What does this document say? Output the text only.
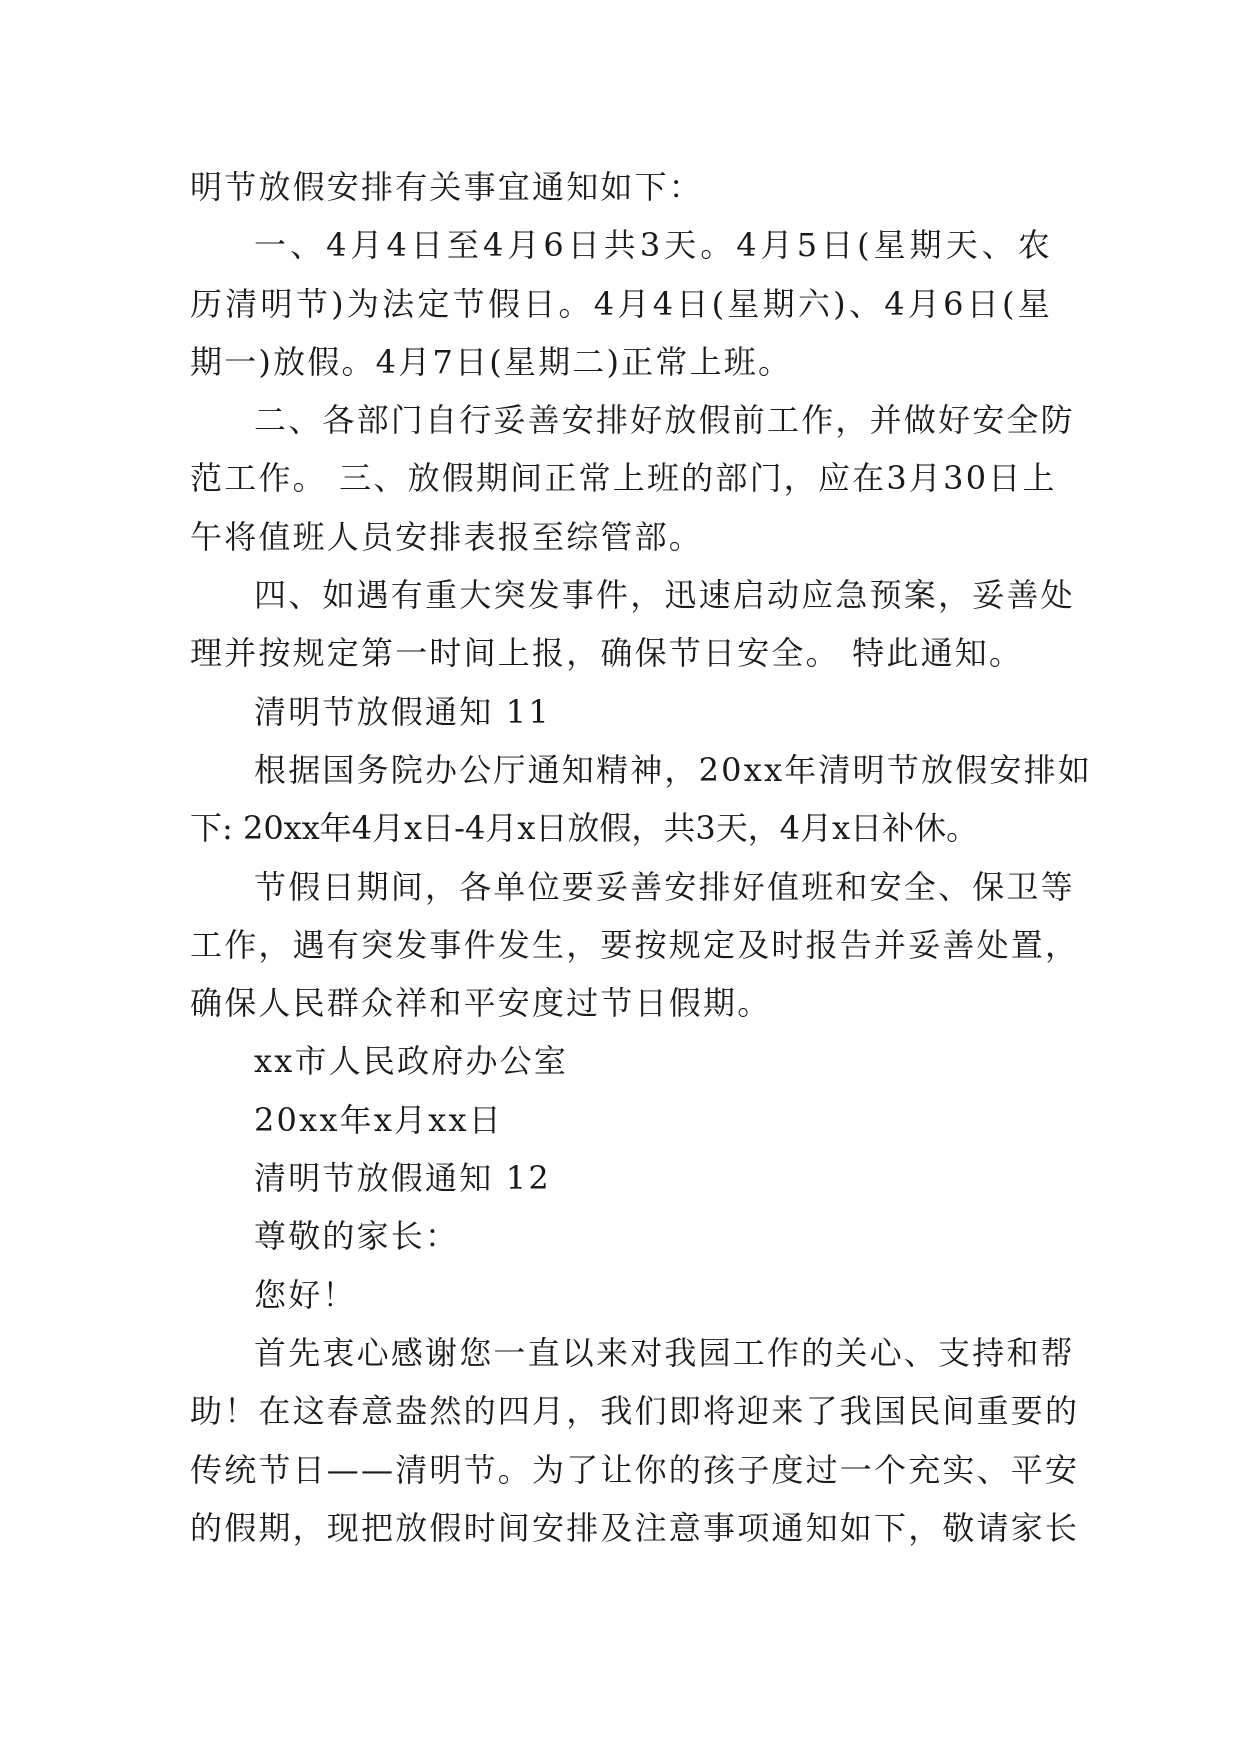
明节放假安排有关事宜通知如下：
一、4月4日至4月6日共3天。4月5日(星期天、农
历清明节)为法定节假日。4月4日(星期六)、4月6日(星
期一)放假。4月7日(星期二)正常上班。
二、各部门自行妥善安排好放假前工作，并做好安全防
范工作。 三、放假期间正常上班的部门，应在3月30日上
午将值班人员安排表报至综管部。
四、如遇有重大突发事件，迅速启动应急预案，妥善处
理并按规定第一时间上报，确保节日安全。 特此通知。
清明节放假通知 11
根据国务院办公厅通知精神，20xx年清明节放假安排如
下: 20xx年4月x日-4月x日放假，共3天，4月x日补休。
节假日期间，各单位要妥善安排好值班和安全、保卫等
工作，遇有突发事件发生，要按规定及时报告并妥善处置，
确保人民群众祥和平安度过节日假期。
xx市人民政府办公室
20xx年x月xx日
清明节放假通知 12
尊敬的家长：
您好！
首先衷心感谢您一直以来对我园工作的关心、支持和帮
助！在这春意盎然的四月，我们即将迎来了我国民间重要的
传统节日——清明节。为了让你的孩子度过一个充实、平安
的假期，现把放假时间安排及注意事项通知如下，敬请家长
